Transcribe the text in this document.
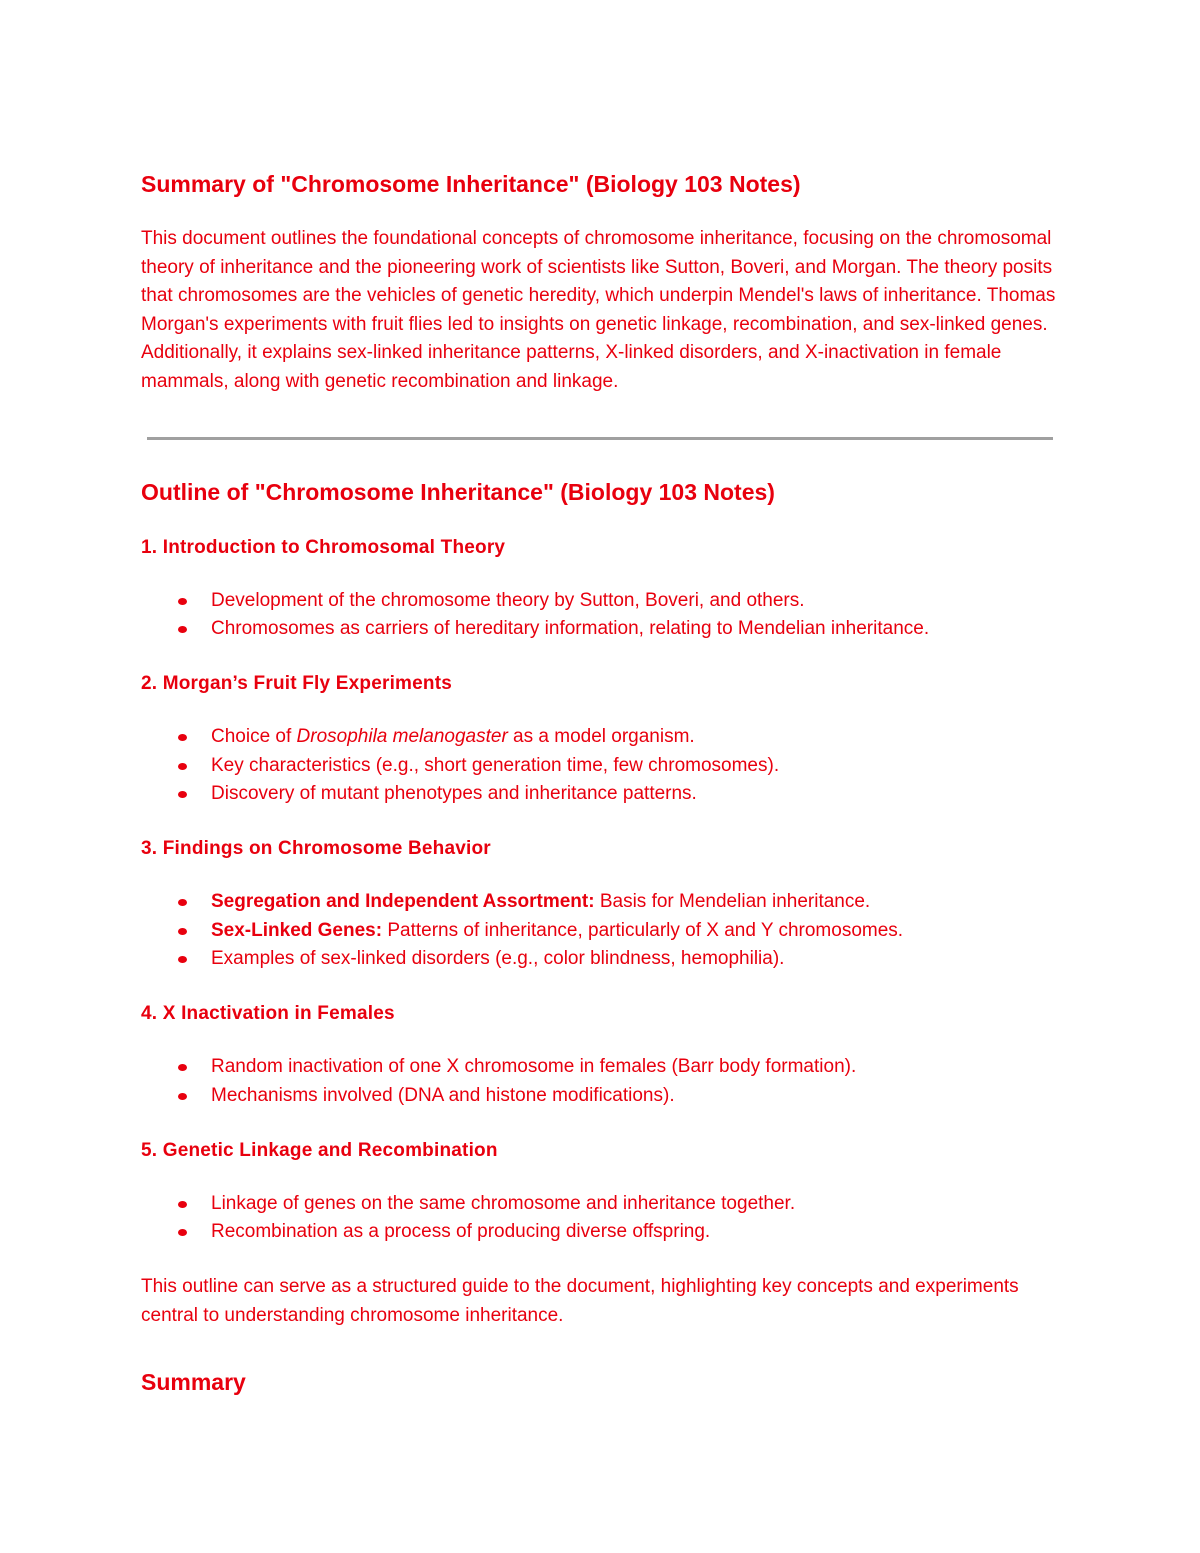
Summary of "Chromosome Inheritance" (Biology 103 Notes)

This document outlines the foundational concepts of chromosome inheritance, focusing on the chromosomal theory of inheritance and the pioneering work of scientists like Sutton, Boveri, and Morgan. The theory posits that chromosomes are the vehicles of genetic heredity, which underpin Mendel's laws of inheritance. Thomas Morgan's experiments with fruit flies led to insights on genetic linkage, recombination, and sex-linked genes. Additionally, it explains sex-linked inheritance patterns, X-linked disorders, and X-inactivation in female mammals, along with genetic recombination and linkage.

Outline of "Chromosome Inheritance" (Biology 103 Notes)
1. Introduction to Chromosomal Theory
Development of the chromosome theory by Sutton, Boveri, and others.
Chromosomes as carriers of hereditary information, relating to Mendelian inheritance.
2. Morgan’s Fruit Fly Experiments
Choice of Drosophila melanogaster as a model organism.
Key characteristics (e.g., short generation time, few chromosomes).
Discovery of mutant phenotypes and inheritance patterns.
3. Findings on Chromosome Behavior
Segregation and Independent Assortment: Basis for Mendelian inheritance.
Sex-Linked Genes: Patterns of inheritance, particularly of X and Y chromosomes.
Examples of sex-linked disorders (e.g., color blindness, hemophilia).
4. X Inactivation in Females
Random inactivation of one X chromosome in females (Barr body formation).
Mechanisms involved (DNA and histone modifications).
5. Genetic Linkage and Recombination
Linkage of genes on the same chromosome and inheritance together.
Recombination as a process of producing diverse offspring.

This outline can serve as a structured guide to the document, highlighting key concepts and experiments central to understanding chromosome inheritance.

Summary
